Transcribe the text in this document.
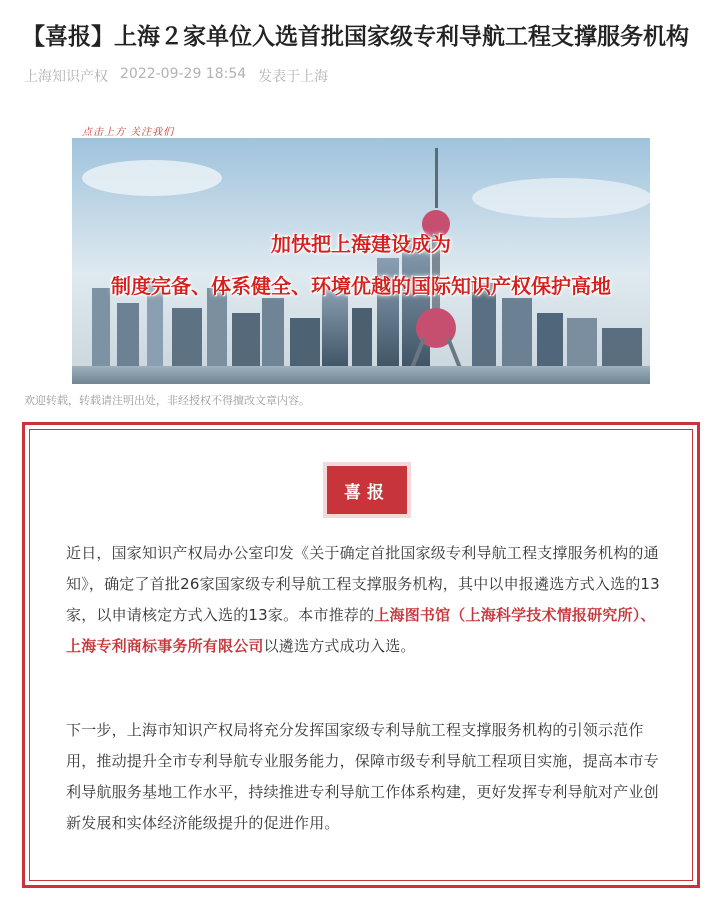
【喜报】上海２家单位入选首批国家级专利导航工程支撑服务机构
上海知识产权 2022-09-29 18:54 发表于上海
点击上方 关注我们
加快把上海建设成为
制度完备、体系健全、环境优越的国际知识产权保护高地
欢迎转载，转载请注明出处，非经授权不得擅改文章内容。
喜报

近日，国家知识产权局办公室印发《关于确定首批国家级专利导航工程支撑服务机构的通知》，确定了首批26家国家级专利导航工程支撑服务机构，其中以申报遴选方式入选的13家，以申请核定方式入选的13家。本市推荐的上海图书馆（上海科学技术情报研究所）、上海专利商标事务所有限公司以遴选方式成功入选。

下一步，上海市知识产权局将充分发挥国家级专利导航工程支撑服务机构的引领示范作用，推动提升全市专利导航专业服务能力，保障市级专利导航工程项目实施，提高本市专利导航服务基地工作水平，持续推进专利导航工作体系构建，更好发挥专利导航对产业创新发展和实体经济能级提升的促进作用。
